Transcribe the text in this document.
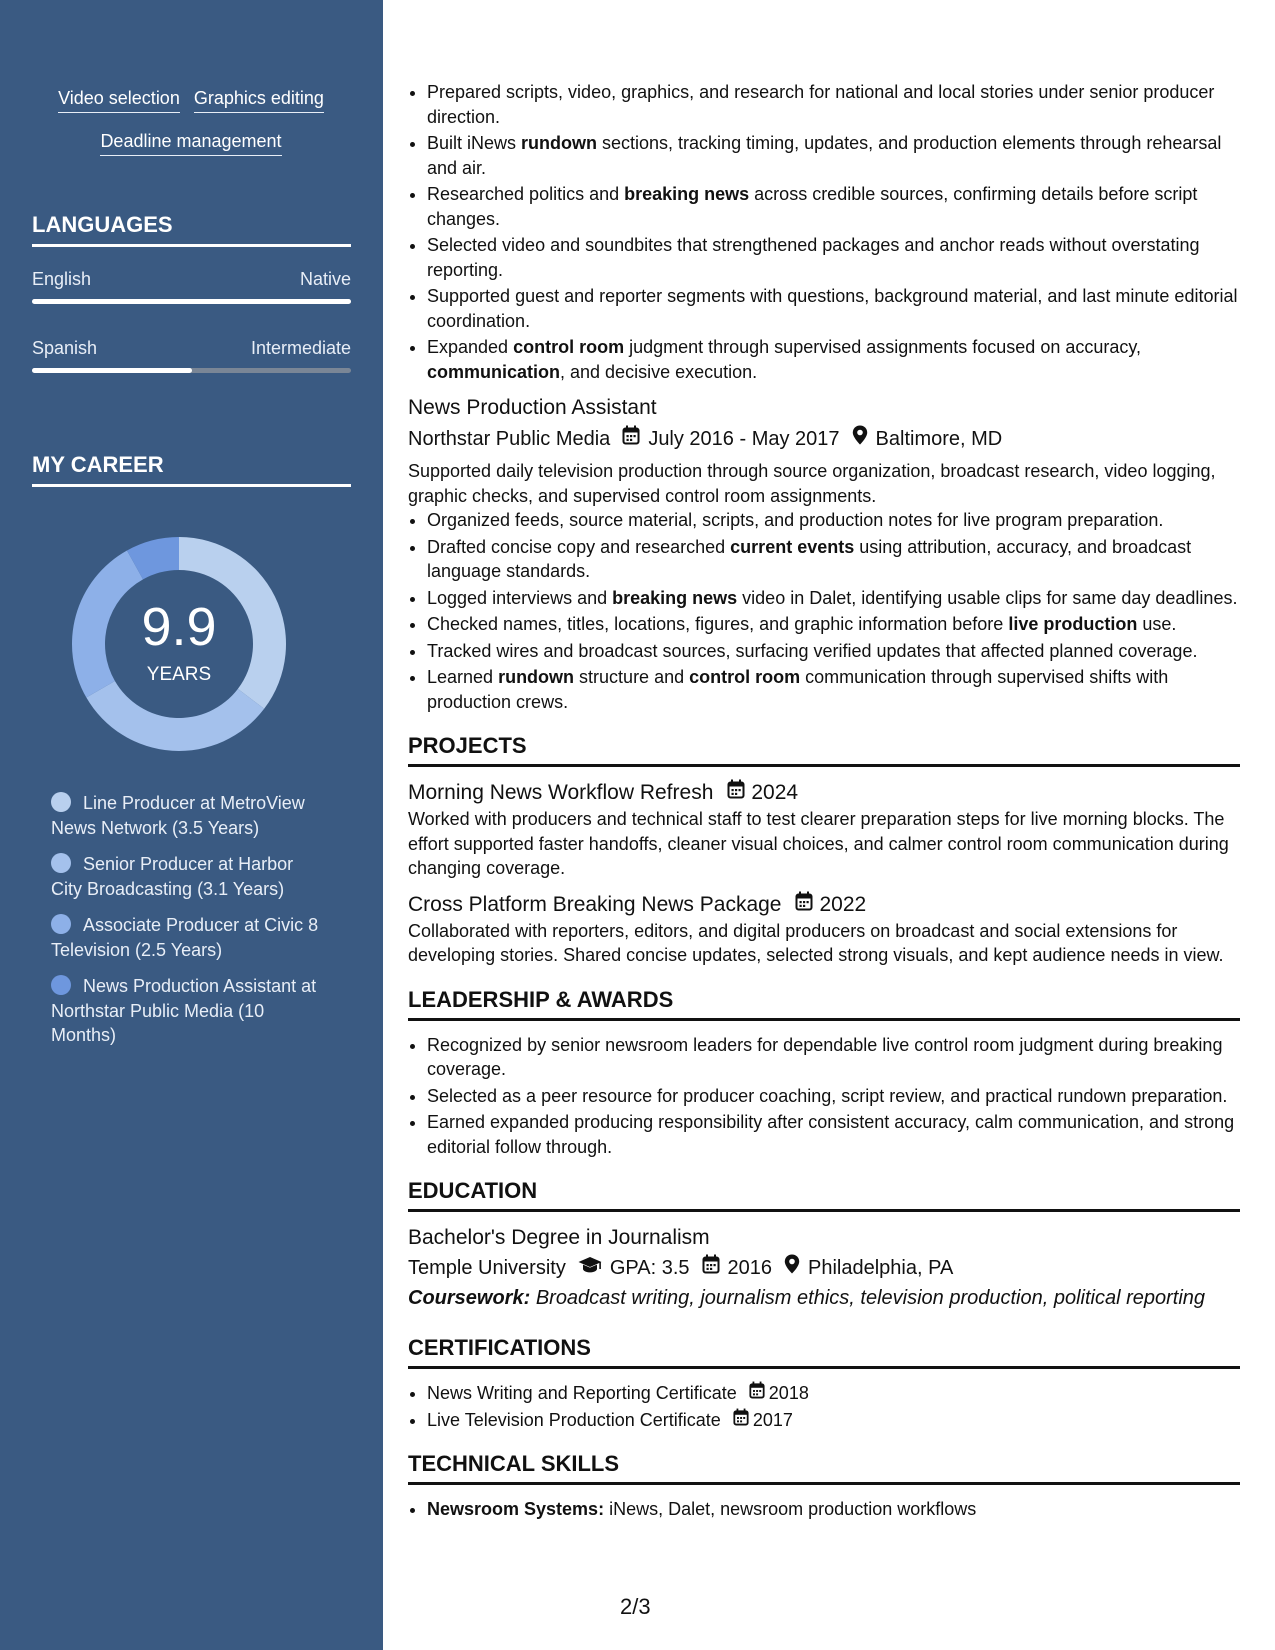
Video selection Graphics editing
Deadline management
LANGUAGES
English	Native
Spanish	Intermediate
MY CAREER
9.9
YEARS
Line Producer at MetroView News Network (3.5 Years)
Senior Producer at Harbor City Broadcasting (3.1 Years)
Associate Producer at Civic 8 Television (2.5 Years)
News Production Assistant at Northstar Public Media (10 Months)
• Prepared scripts, video, graphics, and research for national and local stories under senior producer direction.
• Built iNews rundown sections, tracking timing, updates, and production elements through rehearsal and air.
• Researched politics and breaking news across credible sources, confirming details before script changes.
• Selected video and soundbites that strengthened packages and anchor reads without overstating reporting.
• Supported guest and reporter segments with questions, background material, and last minute editorial coordination.
• Expanded control room judgment through supervised assignments focused on accuracy, communication, and decisive execution.
News Production Assistant
Northstar Public Media July 2016 - May 2017 Baltimore, MD

Supported daily television production through source organization, broadcast research, video logging, graphic checks, and supervised control room assignments.

• Organized feeds, source material, scripts, and production notes for live program preparation.
• Drafted concise copy and researched current events using attribution, accuracy, and broadcast language standards.
• Logged interviews and breaking news video in Dalet, identifying usable clips for same day deadlines.
• Checked names, titles, locations, figures, and graphic information before live production use.
• Tracked wires and broadcast sources, surfacing verified updates that affected planned coverage.
• Learned rundown structure and control room communication through supervised shifts with production crews.
PROJECTS
Morning News Workflow Refresh 2024

Worked with producers and technical staff to test clearer preparation steps for live morning blocks. The effort supported faster handoffs, cleaner visual choices, and calmer control room communication during changing coverage.

Cross Platform Breaking News Package 2022

Collaborated with reporters, editors, and digital producers on broadcast and social extensions for developing stories. Shared concise updates, selected strong visuals, and kept audience needs in view.

LEADERSHIP & AWARDS
• Recognized by senior newsroom leaders for dependable live control room judgment during breaking coverage.
• Selected as a peer resource for producer coaching, script review, and practical rundown preparation.
• Earned expanded producing responsibility after consistent accuracy, calm communication, and strong editorial follow through.
EDUCATION
Bachelor's Degree in Journalism
Temple University GPA: 3.5 2016 Philadelphia, PA
Coursework: Broadcast writing, journalism ethics, television production, political reporting
CERTIFICATIONS
• News Writing and Reporting Certificate 2018
• Live Television Production Certificate 2017
TECHNICAL SKILLS
• Newsroom Systems: iNews, Dalet, newsroom production workflows
2/3
